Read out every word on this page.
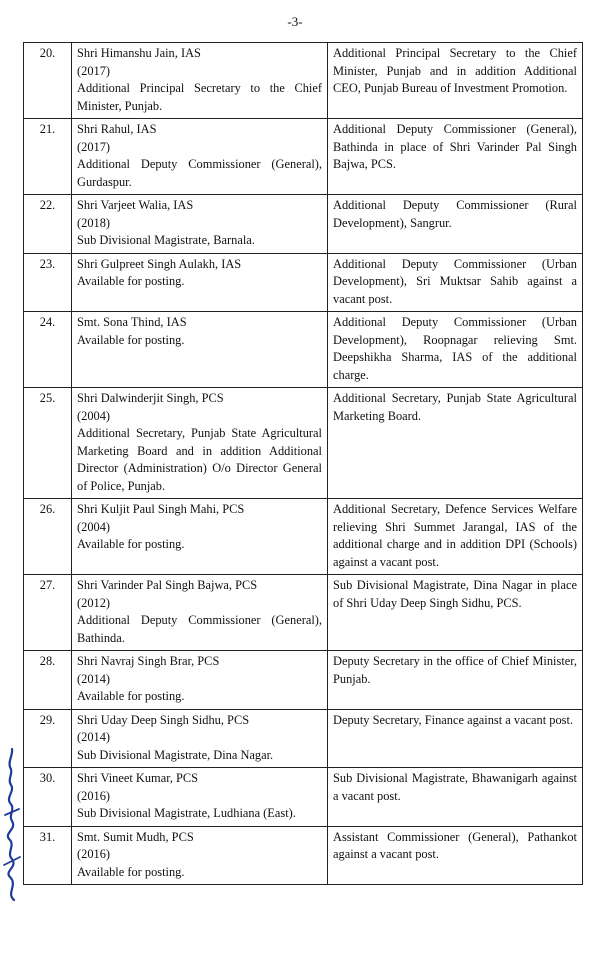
-3-
20.	Shri Himanshu Jain, IAS
(2017)
Additional Principal Secretary to the Chief Minister, Punjab.	Additional Principal Secretary to the Chief Minister, Punjab and in addition Additional CEO, Punjab Bureau of Investment Promotion.
21.	Shri Rahul, IAS
(2017)
Additional Deputy Commissioner (General), Gurdaspur.	Additional Deputy Commissioner (General), Bathinda in place of Shri Varinder Pal Singh Bajwa, PCS.
22.	Shri Varjeet Walia, IAS
(2018)
Sub Divisional Magistrate, Barnala.	Additional Deputy Commissioner (Rural Development), Sangrur.
23.	Shri Gulpreet Singh Aulakh, IAS
Available for posting.	Additional Deputy Commissioner (Urban Development), Sri Muktsar Sahib against a vacant post.
24.	Smt. Sona Thind, IAS
Available for posting.	Additional Deputy Commissioner (Urban Development), Roopnagar relieving Smt. Deepshikha Sharma, IAS of the additional charge.
25.	Shri Dalwinderjit Singh, PCS
(2004)
Additional Secretary, Punjab State Agricultural Marketing Board and in addition Additional Director (Administration) O/o Director General of Police, Punjab.	Additional Secretary, Punjab State Agricultural Marketing Board.
26.	Shri Kuljit Paul Singh Mahi, PCS
(2004)
Available for posting.	Additional Secretary, Defence Services Welfare relieving Shri Summet Jarangal, IAS of the additional charge and in addition DPI (Schools) against a vacant post.
27.	Shri Varinder Pal Singh Bajwa, PCS
(2012)
Additional Deputy Commissioner (General), Bathinda.	Sub Divisional Magistrate, Dina Nagar in place of Shri Uday Deep Singh Sidhu, PCS.
28.	Shri Navraj Singh Brar, PCS
(2014)
Available for posting.	Deputy Secretary in the office of Chief Minister, Punjab.
29.	Shri Uday Deep Singh Sidhu, PCS
(2014)
Sub Divisional Magistrate, Dina Nagar.	Deputy Secretary, Finance against a vacant post.
30.	Shri Vineet Kumar, PCS
(2016)
Sub Divisional Magistrate, Ludhiana (East).	Sub Divisional Magistrate, Bhawanigarh against a vacant post.
31.	Smt. Sumit Mudh, PCS
(2016)
Available for posting.	Assistant Commissioner (General), Pathankot against a vacant post.
